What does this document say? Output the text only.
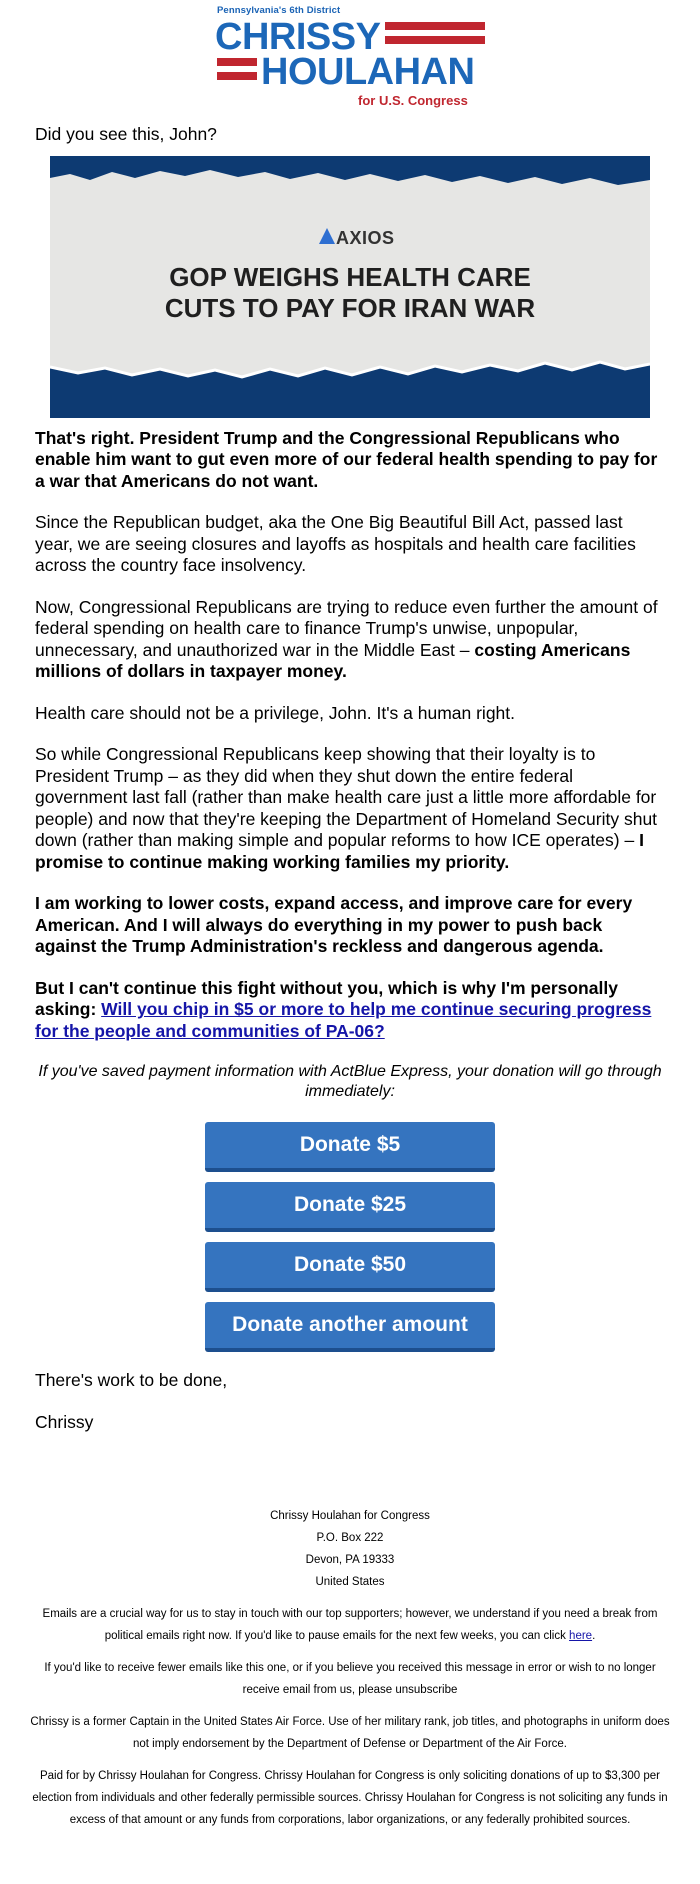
Pennsylvania's 6th District
CHRISSY
HOULAHAN
for U.S. Congress

Did you see this, John?

AXIOS
GOP WEIGHS HEALTH CARE
CUTS TO PAY FOR IRAN WAR

That's right. President Trump and the Congressional Republicans who enable him want to gut even more of our federal health spending to pay for a war that Americans do not want.

Since the Republican budget, aka the One Big Beautiful Bill Act, passed last year, we are seeing closures and layoffs as hospitals and health care facilities across the country face insolvency.

Now, Congressional Republicans are trying to reduce even further the amount of federal spending on health care to finance Trump's unwise, unpopular, unnecessary, and unauthorized war in the Middle East – costing Americans millions of dollars in taxpayer money.

Health care should not be a privilege, John. It's a human right.

So while Congressional Republicans keep showing that their loyalty is to President Trump – as they did when they shut down the entire federal government last fall (rather than make health care just a little more affordable for people) and now that they're keeping the Department of Homeland Security shut down (rather than making simple and popular reforms to how ICE operates) – I promise to continue making working families my priority.

I am working to lower costs, expand access, and improve care for every American. And I will always do everything in my power to push back against the Trump Administration's reckless and dangerous agenda.

But I can't continue this fight without you, which is why I'm personally asking: Will you chip in $5 or more to help me continue securing progress for the people and communities of PA-06?

If you've saved payment information with ActBlue Express, your donation will go through immediately:

Donate $5
Donate $25
Donate $50
Donate another amount

There's work to be done,

Chrissy

Chrissy Houlahan for Congress
P.O. Box 222
Devon, PA 19333
United States

Emails are a crucial way for us to stay in touch with our top supporters; however, we understand if you need a break from political emails right now. If you'd like to pause emails for the next few weeks, you can click here.

If you'd like to receive fewer emails like this one, or if you believe you received this message in error or wish to no longer receive email from us, please unsubscribe

Chrissy is a former Captain in the United States Air Force. Use of her military rank, job titles, and photographs in uniform does not imply endorsement by the Department of Defense or Department of the Air Force.

Paid for by Chrissy Houlahan for Congress. Chrissy Houlahan for Congress is only soliciting donations of up to $3,300 per election from individuals and other federally permissible sources. Chrissy Houlahan for Congress is not soliciting any funds in excess of that amount or any funds from corporations, labor organizations, or any federally prohibited sources.
